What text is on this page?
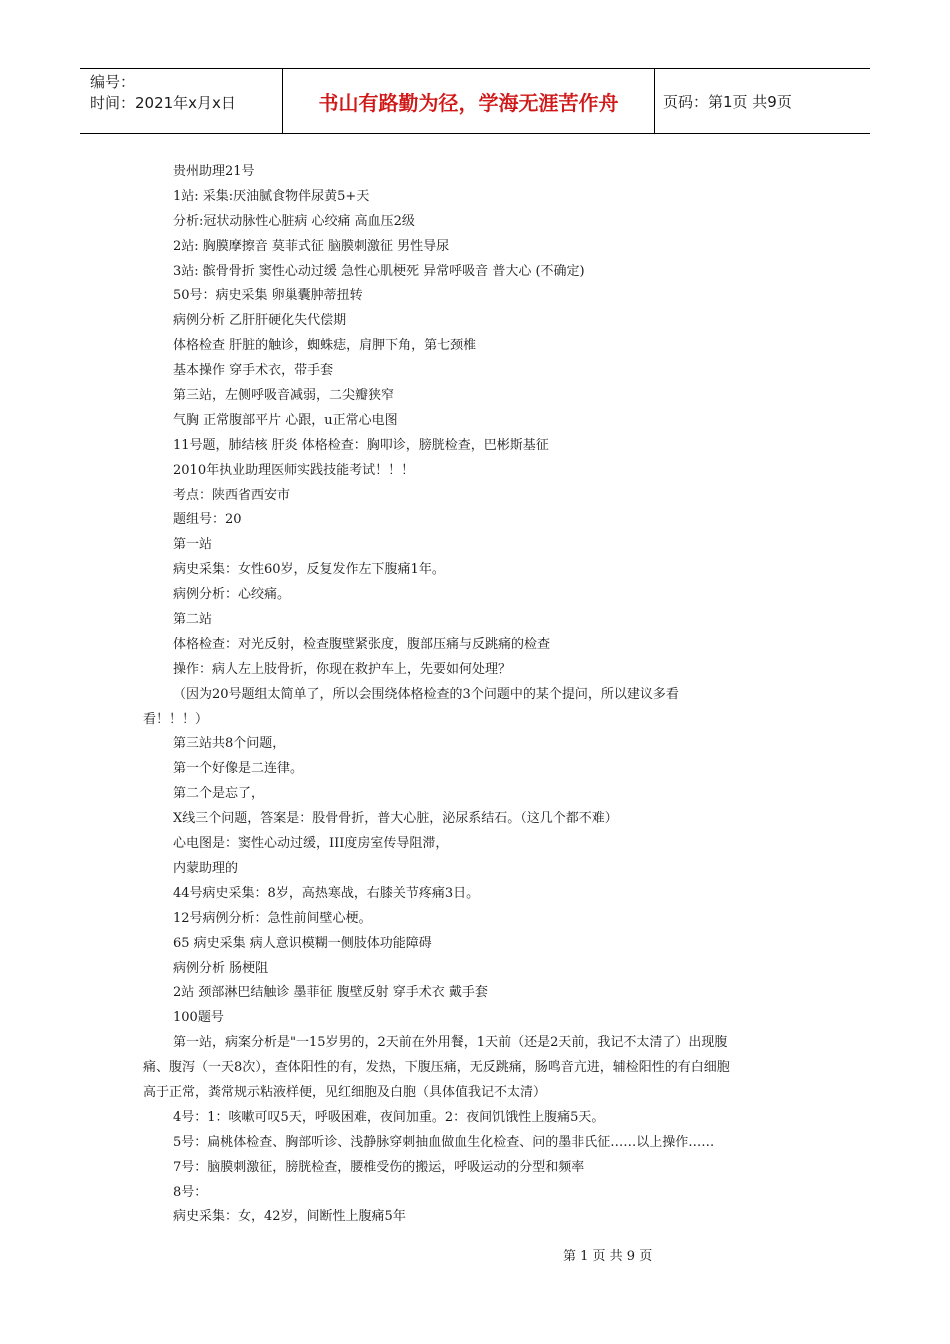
编号：
时间：2021年x月x日	书山有路勤为径，学海无涯苦作舟	页码：第1页 共9页
贵州助理21号
1站: 采集:厌油腻食物伴尿黄5+天
分析:冠状动脉性心脏病 心绞痛 高血压2级
2站: 胸膜摩擦音 莫菲式征 脑膜刺激征 男性导尿
3站: 髌骨骨折 窦性心动过缓 急性心肌梗死 异常呼吸音 普大心 (不确定)
50号：病史采集 卵巢囊肿蒂扭转
病例分析 乙肝肝硬化失代偿期
体格检查 肝脏的触诊，蜘蛛痣，肩胛下角，第七颈椎
基本操作 穿手术衣，带手套
第三站，左侧呼吸音减弱，二尖瓣狭窄
气胸 正常腹部平片 心跟，u正常心电图
11号题，肺结核 肝炎 体格检查：胸叩诊，膀胱检查，巴彬斯基征
2010年执业助理医师实践技能考试！！！
考点：陕西省西安市
题组号：20
第一站
病史采集：女性60岁，反复发作左下腹痛1年。
病例分析：心绞痛。
第二站
体格检查：对光反射，检查腹壁紧张度，腹部压痛与反跳痛的检查
操作：病人左上肢骨折，你现在救护车上，先要如何处理？
（因为20号题组太简单了，所以会围绕体格检查的3个问题中的某个提问，所以建议多看
看！！！）
第三站共8个问题，
第一个好像是二连律。
第二个是忘了，
X线三个问题，答案是：股骨骨折，普大心脏，泌尿系结石。（这几个都不难）
心电图是：窦性心动过缓，III度房室传导阻滞，
内蒙助理的
44号病史采集：8岁，高热寒战，右膝关节疼痛3日。
12号病例分析：急性前间壁心梗。
65 病史采集 病人意识模糊一侧肢体功能障碍
病例分析 肠梗阻
2站 颈部淋巴结触诊 墨菲征 腹壁反射 穿手术衣 戴手套
100题号
第一站，病案分析是"一15岁男的，2天前在外用餐，1天前（还是2天前，我记不太清了）出现腹
痛、腹泻（一天8次），查体阳性的有，发热，下腹压痛，无反跳痛，肠鸣音亢进，辅检阳性的有白细胞
高于正常，粪常规示粘液样便，见红细胞及白胞（具体值我记不太清）
4号：1：咳嗽可叹5天，呼吸困难，夜间加重。2：夜间饥饿性上腹痛5天。
5号：扁桃体检查、胸部听诊、浅静脉穿刺抽血做血生化检查、问的墨非氏征……以上操作……
7号：脑膜刺激征，膀胱检查，腰椎受伤的搬运，呼吸运动的分型和频率
8号：
病史采集：女，42岁，间断性上腹痛5年
第 1 页 共 9 页
